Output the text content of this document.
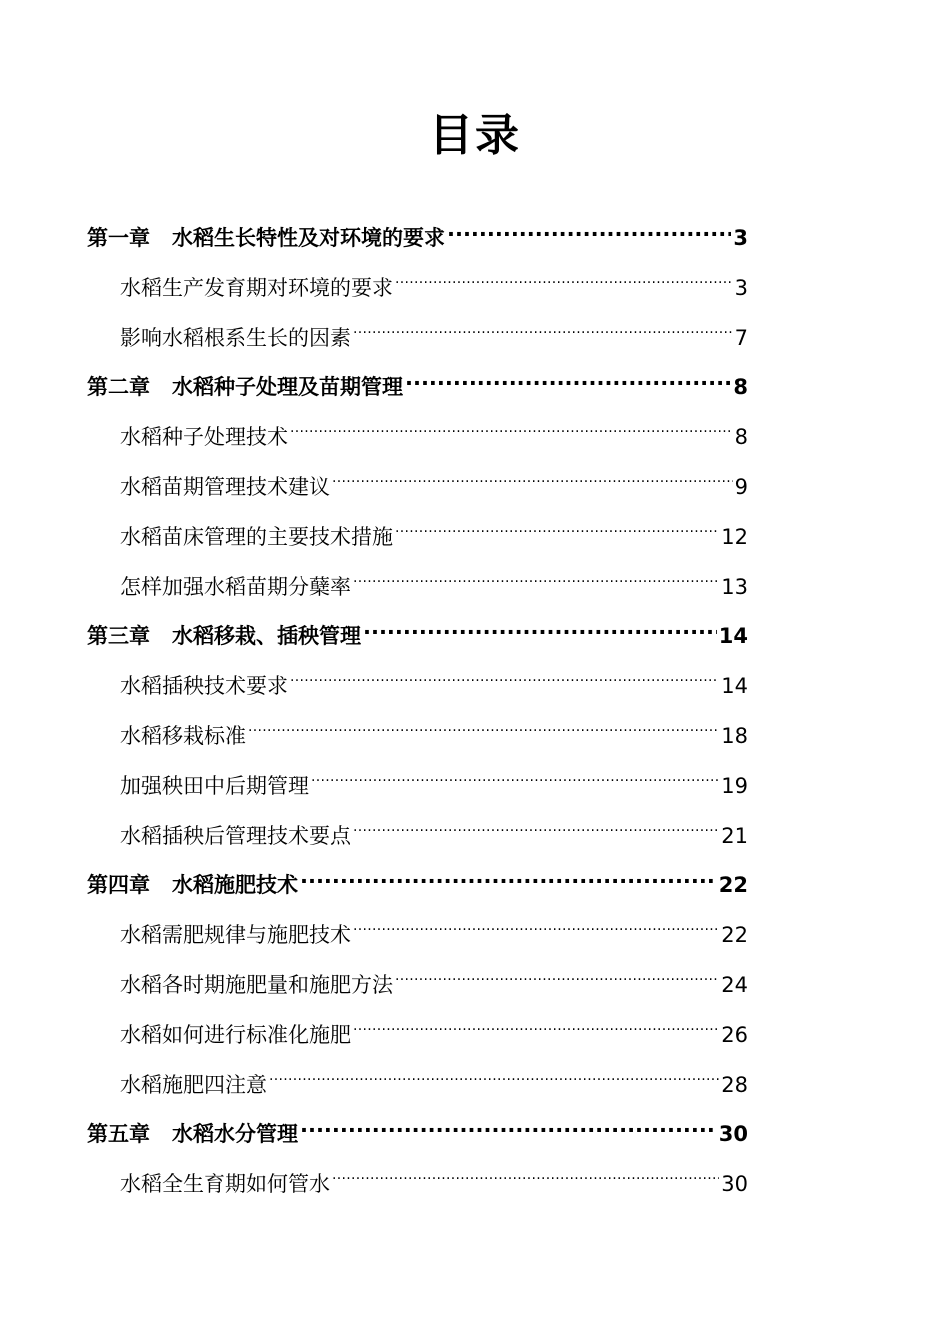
目录
第一章 水稻生长特性及对环境的要求 .....	3
水稻生产发育期对环境的要求 .....	3
影响水稻根系生长的因素 .....	7
第二章 水稻种子处理及苗期管理 .....	8
水稻种子处理技术 .....	8
水稻苗期管理技术建议 .....	9
水稻苗床管理的主要技术措施 .....	12
怎样加强水稻苗期分蘖率 .....	13
第三章 水稻移栽、插秧管理 .....	14
水稻插秧技术要求 .....	14
水稻移栽标准 .....	18
加强秧田中后期管理 .....	19
水稻插秧后管理技术要点 .....	21
第四章 水稻施肥技术 .....	22
水稻需肥规律与施肥技术 .....	22
水稻各时期施肥量和施肥方法 .....	24
水稻如何进行标准化施肥 .....	26
水稻施肥四注意 .....	28
第五章 水稻水分管理 .....	30
水稻全生育期如何管水 .....	30
